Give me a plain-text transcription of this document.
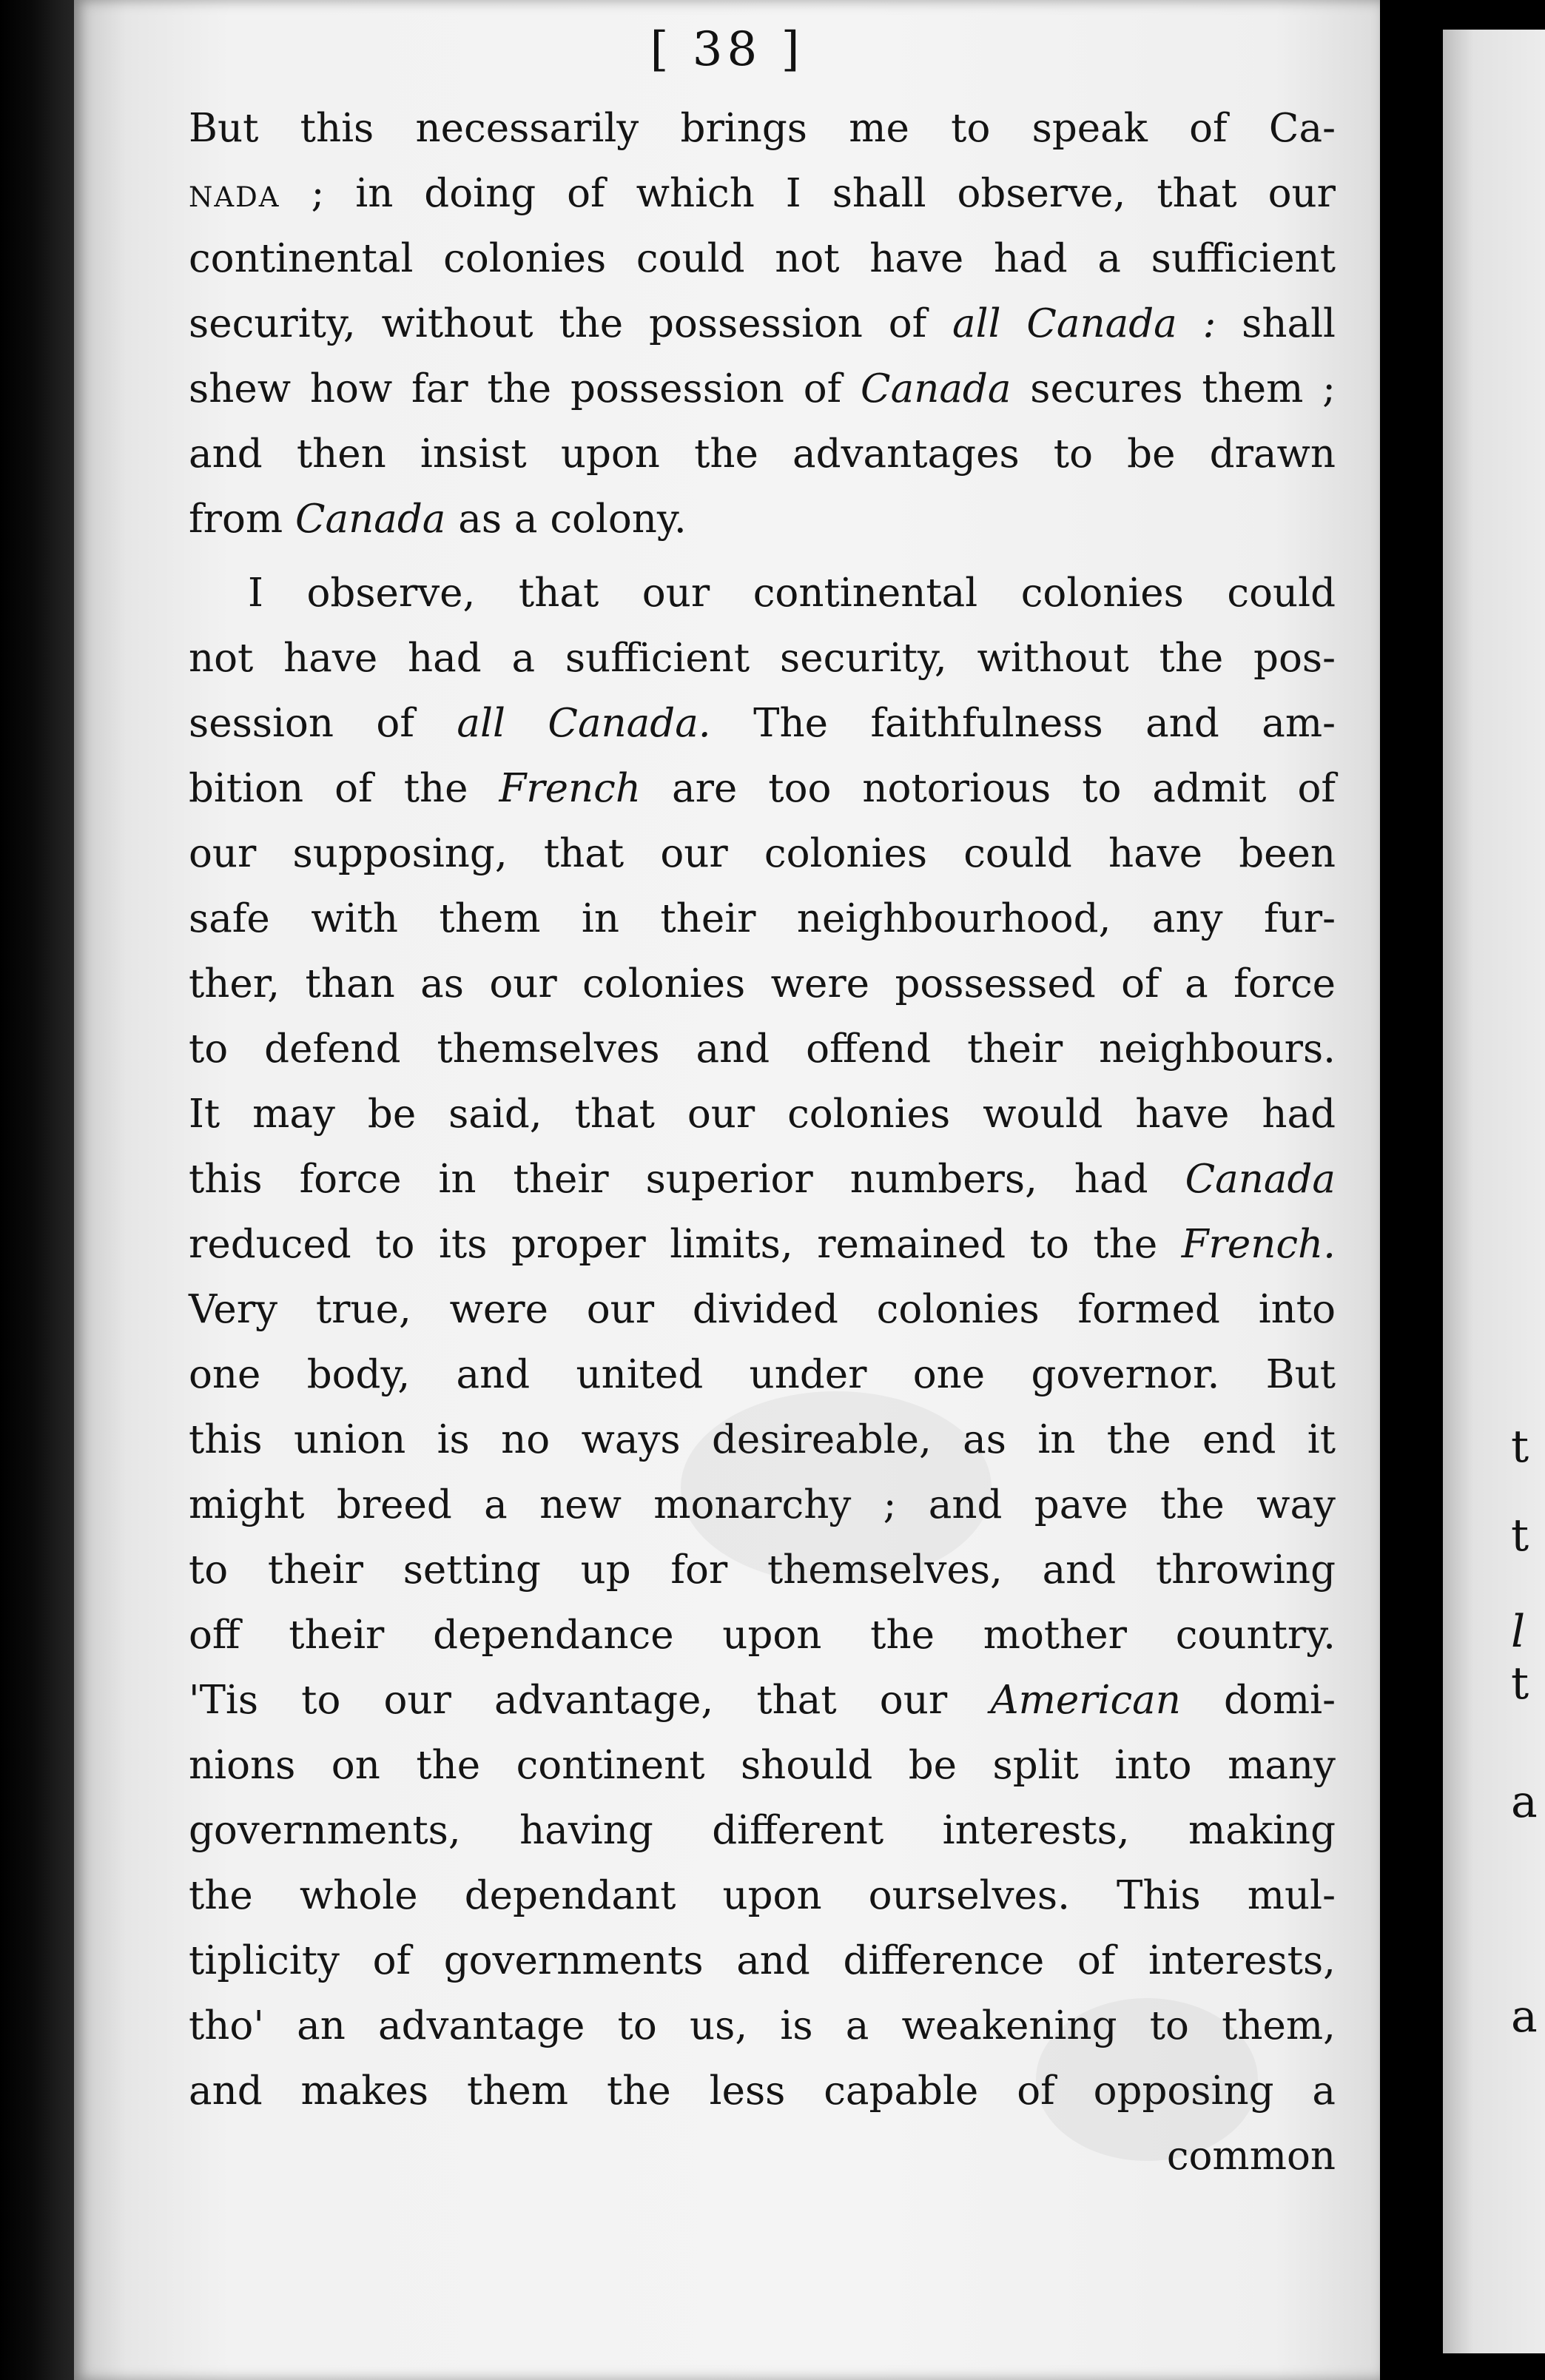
[ 38 ]
But this necessarily brings me to speak of Ca-
nada ; in doing of which I shall observe, that our
continental colonies could not have had a sufficient
security, without the possession of all Canada : shall
shew how far the possession of Canada secures them ;
and then insist upon the advantages to be drawn
from Canada as a colony.
I observe, that our continental colonies could
not have had a sufficient security, without the pos-
session of all Canada. The faithfulness and am-
bition of the French are too notorious to admit of
our supposing, that our colonies could have been
safe with them in their neighbourhood, any fur-
ther, than as our colonies were possessed of a force
to defend themselves and offend their neighbours.
It may be said, that our colonies would have had
this force in their superior numbers, had Canada
reduced to its proper limits, remained to the French.
Very true, were our divided colonies formed into
one body, and united under one governor. But
this union is no ways desireable, as in the end it
might breed a new monarchy ; and pave the way
to their setting up for themselves, and throwing
off their dependance upon the mother country.
'Tis to our advantage, that our American domi-
nions on the continent should be split into many
governments, having different interests, making
the whole dependant upon ourselves. This mul-
tiplicity of governments and difference of interests,
tho' an advantage to us, is a weakening to them,
and makes them the less capable of opposing a
common
t
t
l
t
a
a
